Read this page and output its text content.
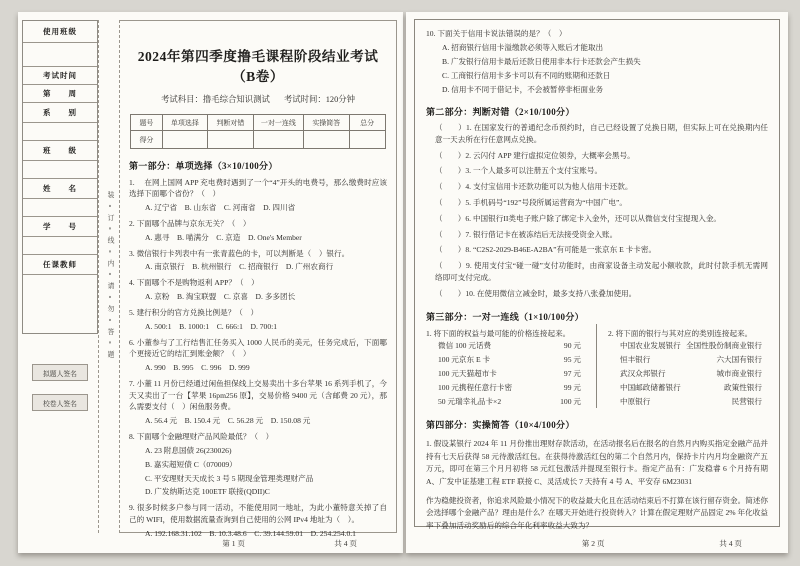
使用班级
考试时间
第　　周
系　　别
班　　级
姓　　名
学　　号
任课教师
拟题人签名
校卷人签名
装∘订∘线∘内∘请∘勿∘答∘题
2024年第四季度撸毛课程阶段结业考试（B卷）
考试科目：撸毛综合知识测试 考试时间：120分钟
题号	单项选择	判断对错	一对一连线	实操简答	总分
得分					
第一部分：单项选择（3×10/100分）
1.　 在网上国网 APP 充电费时遇到了一个“4”开头的电费号，那么缴费时应该选择下面哪个省份？（　）
A. 辽宁省　B. 山东省　C. 河南省　D. 四川省
2. 下面哪个品牌与京东无关？（　）
A. 惠寻　B. 喵满分　C. 京造　D. One's Member
3. 微信银行卡列表中有一张青蓝色的卡，可以判断是（　）银行。
A. 南京银行　B. 杭州银行　C. 招商银行　D. 广州农商行
4. 下面哪个不是购物返利 APP？（　）
A. 京粉　B. 淘宝联盟　C. 京喜　D. 多多团长
5. 建行积分的官方兑换比例是？（　）
A. 500:1　B. 1000:1　C. 666:1　D. 700:1
6. 小董参与了工行结售汇任务买入 1000 人民币的美元，任务完成后，下面哪个更接近它的结汇到账金额？（　）
A. 990　B. 995　C. 996　D. 999
7. 小董 11 月份已经通过闲鱼担保线上交易卖出十多台苹果 16 系列手机了，今天又卖出了一台【苹果 16pm256 原】，交易价格 9400 元（含邮费 20 元），那么需要支付（　）闲鱼服务费。
A. 56.4 元　B. 150.4 元　C. 56.28 元　D. 150.08 元
8. 下面哪个金融理财产品风险最低？（　）
A. 23 附息国债 26(230026)
B. 嘉实超短债 C（070009）
C. 平安理财天天成长 3 号 5 期现金管理类理财产品
D. 广发纳斯达克 100ETF 联接(QDII)C
9. 很多时候多户参与同一活动，不能使用同一地址，为此小董特意关掉了自己的 WIFI，使用数据流量查询到自己使用的公网 IPv4 地址为（　）。
A. 192.168.31.102　B. 10.3.48.6　C. 39.144.59.01　D. 254.254.0.1
第 1 页	共 4 页
10. 下面关于信用卡说法错误的是？（　）
A. 招商银行信用卡溢缴款必须等入账后才能取出
B. 广发银行信用卡最后还款日使用非本行卡还款会产生损失
C. 工商银行信用卡多卡可以有不同的账期和还款日
D. 信用卡不同于借记卡，不会被暂停非柜面业务
第二部分：判断对错（2×10/100分）
（　　）1. 在国家发行的普通纪念币预约时，自己已经设置了兑换日期，但实际上可在兑换期内任意一天去所在行任意网点兑换。
（　　）2. 云闪付 APP 建行虚拟定位领券，大概率会黑号。
（　　）3. 一个人最多可以注册五个支付宝账号。
（　　）4. 支付宝信用卡还款功能可以为他人信用卡还款。
（　　）5. 手机码号“192”号段所属运营商为“中国广电”。
（　　）6. 中国银行II类电子账户除了绑定卡入金外，还可以从微信支付宝提现入金。
（　　）7. 银行借记卡在被冻结后无法接受资金入账。
（　　）8. “C2S2-2029-B46E-A2BA”有可能是一张京东 E 卡卡密。
（　　）9. 使用支付宝“碰一碰”支付功能时，由商家设备主动发起小额收款，此时付款手机无需网络即可支付完成。
（　　）10. 在使用微信立减金时，最多支持八张叠加使用。
第三部分：一对一连线（1×10/100分）
1. 将下面的权益与最可能的价格连接起来。
微信 100 元话费	90 元
100 元京东 E 卡	95 元
100 元天猫超市卡	97 元
100 元携程任意行卡密	99 元
50 元瑞幸礼品卡×2	100 元
2. 将下面的银行与其对应的类别连接起来。
中国农业发展银行 全国性股份制商业银行
恒丰银行	六大国有银行
武汉众邦银行	城市商业银行
中国邮政储蓄银行	政策性银行
中原银行	民营银行
第四部分：实操简答（10×4/100分）
1. 假设某银行 2024 年 11 月份推出理财存款活动，在活动报名后在报名的自然月内购买指定金融产品并持有七天后获得 58 元待激活红包。在获得待激活红包的第二个自然月内，保持卡片内月均金融资产五万元，即可在第三个月月初将 58 元红包激活并提现至银行卡。指定产品有：广发稳睿 6 个月持有期 A、广发中证基建工程 ETF 联接 C、灵活成长 7 天持有 4 号 A、平安存 6M23031
作为稳健投资者，你追求风险最小情况下的收益最大化且在活动结束后不打算在该行留存资金。简述你会选择哪个金融产品？理由是什么？在哪天开始进行投资转入？计算在假定理财产品固定 2% 年化收益率下叠加活动奖励后的综合年化利率收益大致为？
第 2 页	共 4 页
